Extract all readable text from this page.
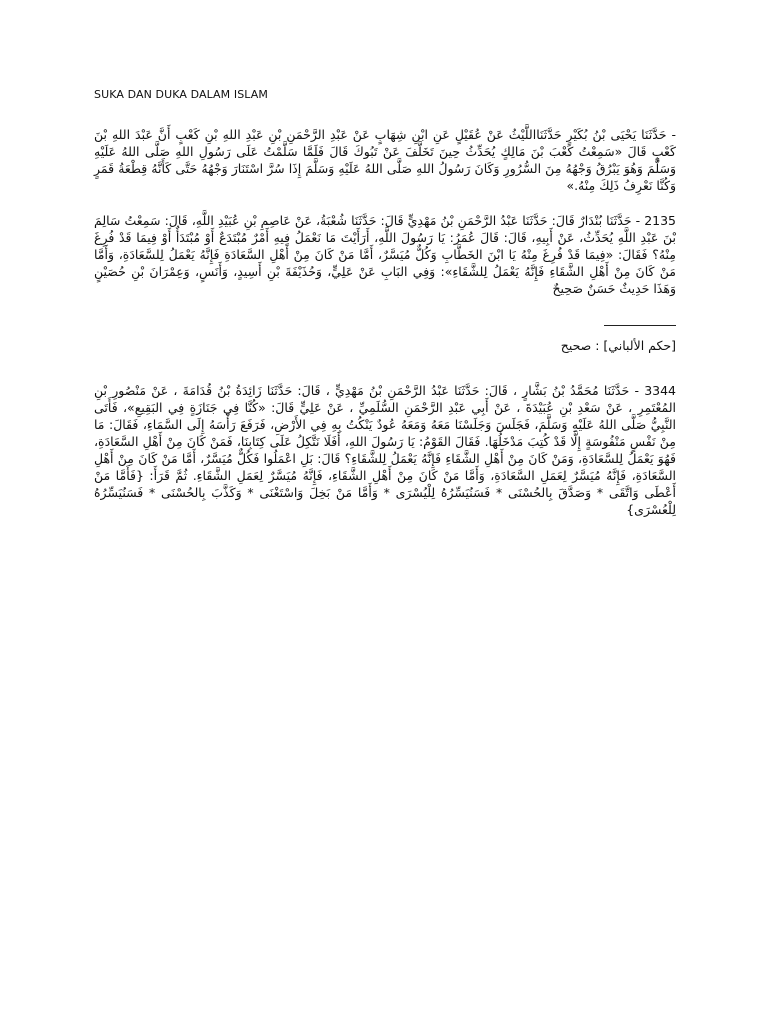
SUKA DAN DUKA DALAM ISLAM
- حَدَّثَنَا يَحْيَى بْنُ بُكَيْرٍ حَدَّثَنَااللَّيْثُ عَنْ عُقَيْلٍ عَنِ ابْنِ شِهَابٍ عَنْ عَبْدِ الرَّحْمَنِ بْنِ عَبْدِ اللهِ بْنِ كَعْبٍ أَنَّ عَبْدَ اللهِ بْنَ كَعْبٍ قَالَ «سَمِعْتُ كَعْبَ بْنَ مَالِكٍ يُحَدِّثُ حِينَ تَخَلَّفَ عَنْ تَبُوكَ قَالَ فَلَمَّا سَلَّمْتُ عَلَى رَسُولِ اللهِ صَلَّى اللهُ عَلَيْهِ وَسَلَّمَ وَهُوَ يَبْرُقُ وَجْهُهُ مِنَ السُّرُورِ وَكَانَ رَسُولُ اللهِ صَلَّى اللهُ عَلَيْهِ وَسَلَّمَ إِذَا سُرَّ اسْتَنَارَ وَجْهُهُ حَتَّى كَأَنَّهُ قِطْعَةُ قَمَرٍ وَكُنَّا نَعْرِفُ ذَلِكَ مِنْهُ.»
2135 - حَدَّثَنَا بُنْدَارٌ قَالَ: حَدَّثَنَا عَبْدُ الرَّحْمَنِ بْنُ مَهْدِيٍّ قَالَ: حَدَّثَنَا شُعْبَةُ، عَنْ عَاصِمِ بْنِ عُبَيْدِ اللَّهِ، قَالَ: سَمِعْتُ سَالِمَ بْنَ عَبْدِ اللَّهِ يُحَدِّثُ، عَنْ أَبِيهِ، قَالَ: قَالَ عُمَرُ: يَا رَسُولَ اللَّهِ، أَرَأَيْتَ مَا نَعْمَلُ فِيهِ أَمْرٌ مُبْتَدَعٌ أَوْ مُبْتَدَأٌ أَوْ فِيمَا قَدْ فُرِغَ مِنْهُ؟ فَقَالَ: «فِيمَا قَدْ فُرِغَ مِنْهُ يَا ابْنَ الخَطَّابِ وَكُلٌّ مُيَسَّرٌ، أَمَّا مَنْ كَانَ مِنْ أَهْلِ السَّعَادَةِ فَإِنَّهُ يَعْمَلُ لِلسَّعَادَةِ، وَأَمَّا مَنْ كَانَ مِنْ أَهْلِ الشَّقَاءِ فَإِنَّهُ يَعْمَلُ لِلشَّقَاءِ»: وَفِي البَابِ عَنْ عَلِيٍّ، وَحُذَيْفَةَ بْنِ أَسِيدٍ، وَأَنَسٍ، وَعِمْرَانَ بْنِ حُصَيْنٍ وَهَذَا حَدِيثٌ حَسَنٌ صَحِيحٌ
[حكم الألباني] : صحيح
3344 - حَدَّثَنَا مُحَمَّدُ بْنُ بَشَّارٍ ، قَالَ: حَدَّثَنَا عَبْدُ الرَّحْمَنِ بْنُ مَهْدِيٍّ ، قَالَ: حَدَّثَنَا زَائِدَةُ بْنُ قُدَامَةَ ، عَنْ مَنْصُورِ بْنِ المُعْتَمِرِ ، عَنْ سَعْدِ بْنِ عُبَيْدَةَ ، عَنْ أَبِي عَبْدِ الرَّحْمَنِ السُّلَمِيِّ ، عَنْ عَلِيٍّ قَالَ: «كُنَّا فِي جَنَازَةٍ فِي البَقِيعِ»، فَأَتَى النَّبِيُّ صَلَّى اللهُ عَلَيْهِ وَسَلَّمَ، فَجَلَسَ وَجَلَسْنَا مَعَهُ وَمَعَهُ عُودٌ يَنْكُتُ بِهِ فِي الأَرْضِ، فَرَفَعَ رَأْسَهُ إِلَى السَّمَاءِ، فَقَالَ: مَا مِنْ نَفْسٍ مَنْفُوسَةٍ إِلَّا قَدْ كُتِبَ مَدْخَلُهَا. فَقَالَ القَوْمُ: يَا رَسُولَ اللهِ، أَفَلَا نَتَّكِلُ عَلَى كِتَابِنَا، فَمَنْ كَانَ مِنْ أَهْلِ السَّعَادَةِ، فَهُوَ يَعْمَلُ لِلسَّعَادَةِ، وَمَنْ كَانَ مِنْ أَهْلِ الشَّقَاءِ فَإِنَّهُ يَعْمَلُ لِلشَّقَاءِ؟ قَالَ: بَلِ اعْمَلُوا فَكُلٌّ مُيَسَّرٌ، أَمَّا مَنْ كَانَ مِنْ أَهْلِ السَّعَادَةِ، فَإِنَّهُ مُيَسَّرٌ لِعَمَلِ السَّعَادَةِ، وَأَمَّا مَنْ كَانَ مِنْ أَهْلِ الشَّقَاءِ، فَإِنَّهُ مُيَسَّرٌ لِعَمَلِ الشَّقَاءِ. ثُمَّ قَرَأَ: {فَأَمَّا مَنْ أَعْطَى وَاتَّقَى * وَصَدَّقَ بِالحُسْنَى * فَسَنُيَسِّرُهُ لِلْيُسْرَى * وَأَمَّا مَنْ بَخِلَ وَاسْتَغْنَى * وَكَذَّبَ بِالحُسْنَى * فَسَنُيَسِّرُهُ لِلْعُسْرَى}
